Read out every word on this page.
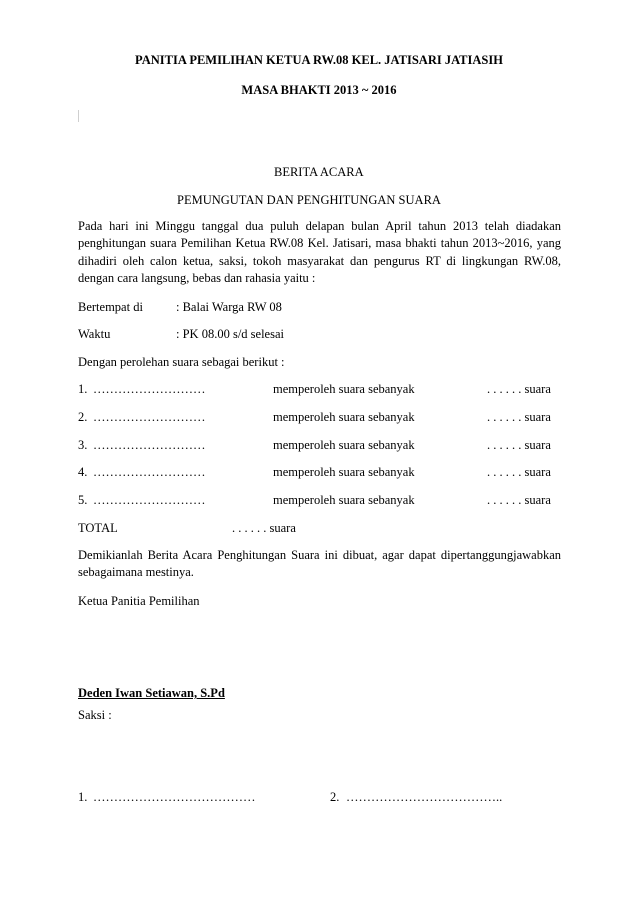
PANITIA PEMILIHAN KETUA RW.08 KEL. JATISARI JATIASIH
MASA BHAKTI 2013 ~ 2016
BERITA ACARA
PEMUNGUTAN DAN PENGHITUNGAN SUARA
Pada hari ini Minggu tanggal dua puluh delapan bulan April tahun 2013 telah diadakan penghitungan suara Pemilihan Ketua RW.08 Kel. Jatisari, masa bhakti tahun 2013~2016, yang dihadiri oleh calon ketua, saksi, tokoh masyarakat dan pengurus RT di lingkungan RW.08, dengan cara langsung, bebas dan rahasia yaitu :
Bertempat di	: Balai Warga RW 08
Waktu	: PK 08.00 s/d selesai
Dengan perolehan suara sebagai berikut :
1. ………………………	memperoleh suara sebanyak	. . . . . . suara
2. ………………………	memperoleh suara sebanyak	. . . . . . suara
3. ………………………	memperoleh suara sebanyak	. . . . . . suara
4. ………………………	memperoleh suara sebanyak	. . . . . . suara
5. ………………………	memperoleh suara sebanyak	. . . . . . suara
TOTAL	. . . . . . suara
Demikianlah Berita Acara Penghitungan Suara ini dibuat, agar dapat dipertanggungjawabkan sebagaimana mestinya.
Ketua Panitia Pemilihan
Deden Iwan Setiawan, S.Pd
Saksi :
1. …………………………………	2. ………………………………..
